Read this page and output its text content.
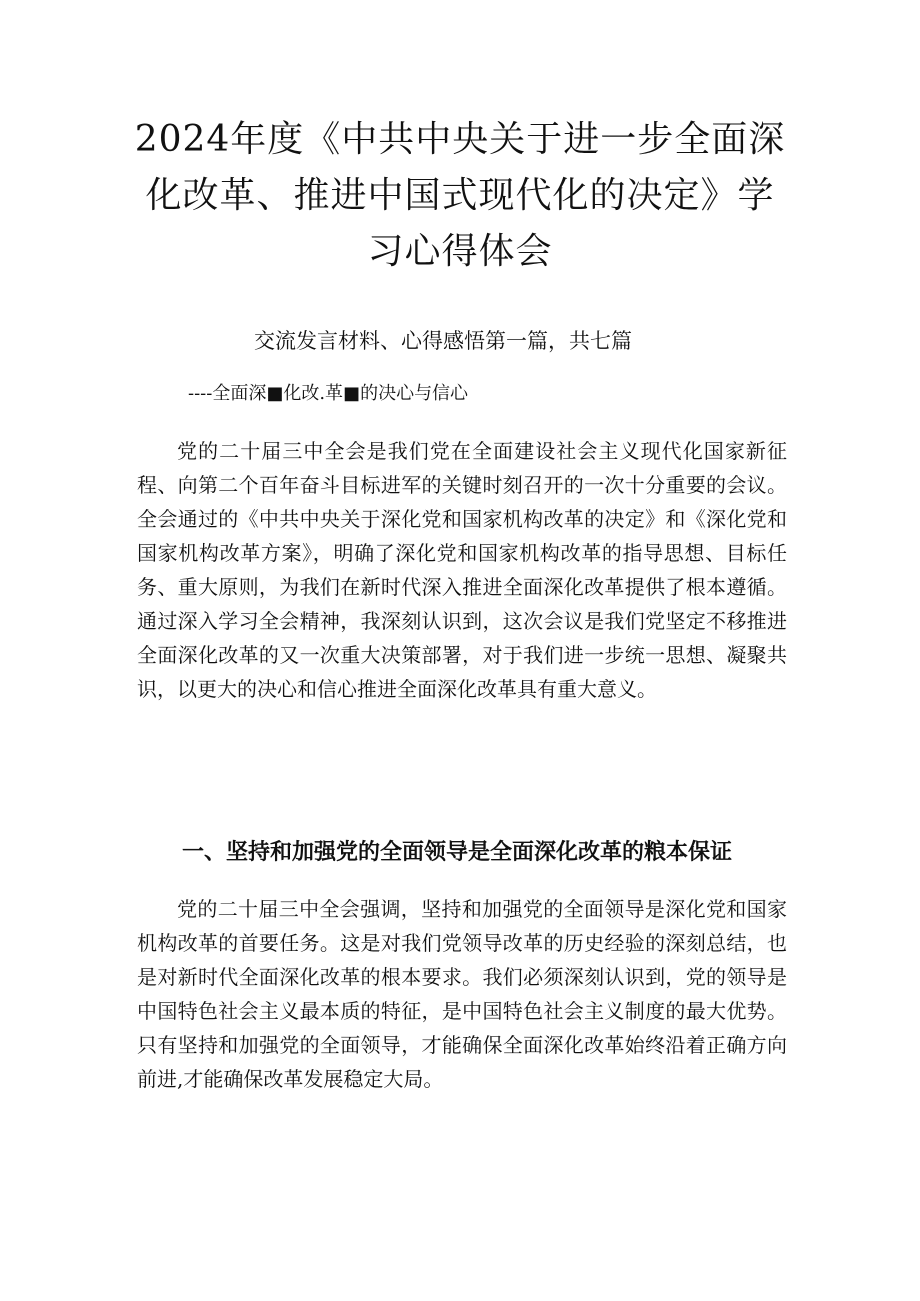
2024年度《中共中央关于进一步全面深化改革、推进中国式现代化的决定》学习心得体会

交流发言材料、心得感悟第一篇，共七篇

----全面深■化改.革■的决心与信心

党的二十届三中全会是我们党在全面建设社会主义现代化国家新征程、向第二个百年奋斗目标进军的关键时刻召开的一次十分重要的会议。全会通过的《中共中央关于深化党和国家机构改革的决定》和《深化党和国家机构改革方案》，明确了深化党和国家机构改革的指导思想、目标任务、重大原则，为我们在新时代深入推进全面深化改革提供了根本遵循。通过深入学习全会精神，我深刻认识到，这次会议是我们党坚定不移推进全面深化改革的又一次重大决策部署，对于我们进一步统一思想、凝聚共识，以更大的决心和信心推进全面深化改革具有重大意义。

一、坚持和加强党的全面领导是全面深化改革的粮本保证

党的二十届三中全会强调，坚持和加强党的全面领导是深化党和国家机构改革的首要任务。这是对我们党领导改革的历史经验的深刻总结，也是对新时代全面深化改革的根本要求。我们必须深刻认识到，党的领导是中国特色社会主义最本质的特征，是中国特色社会主义制度的最大优势。只有坚持和加强党的全面领导，才能确保全面深化改革始终沿着正确方向前进,才能确保改革发展稳定大局。
